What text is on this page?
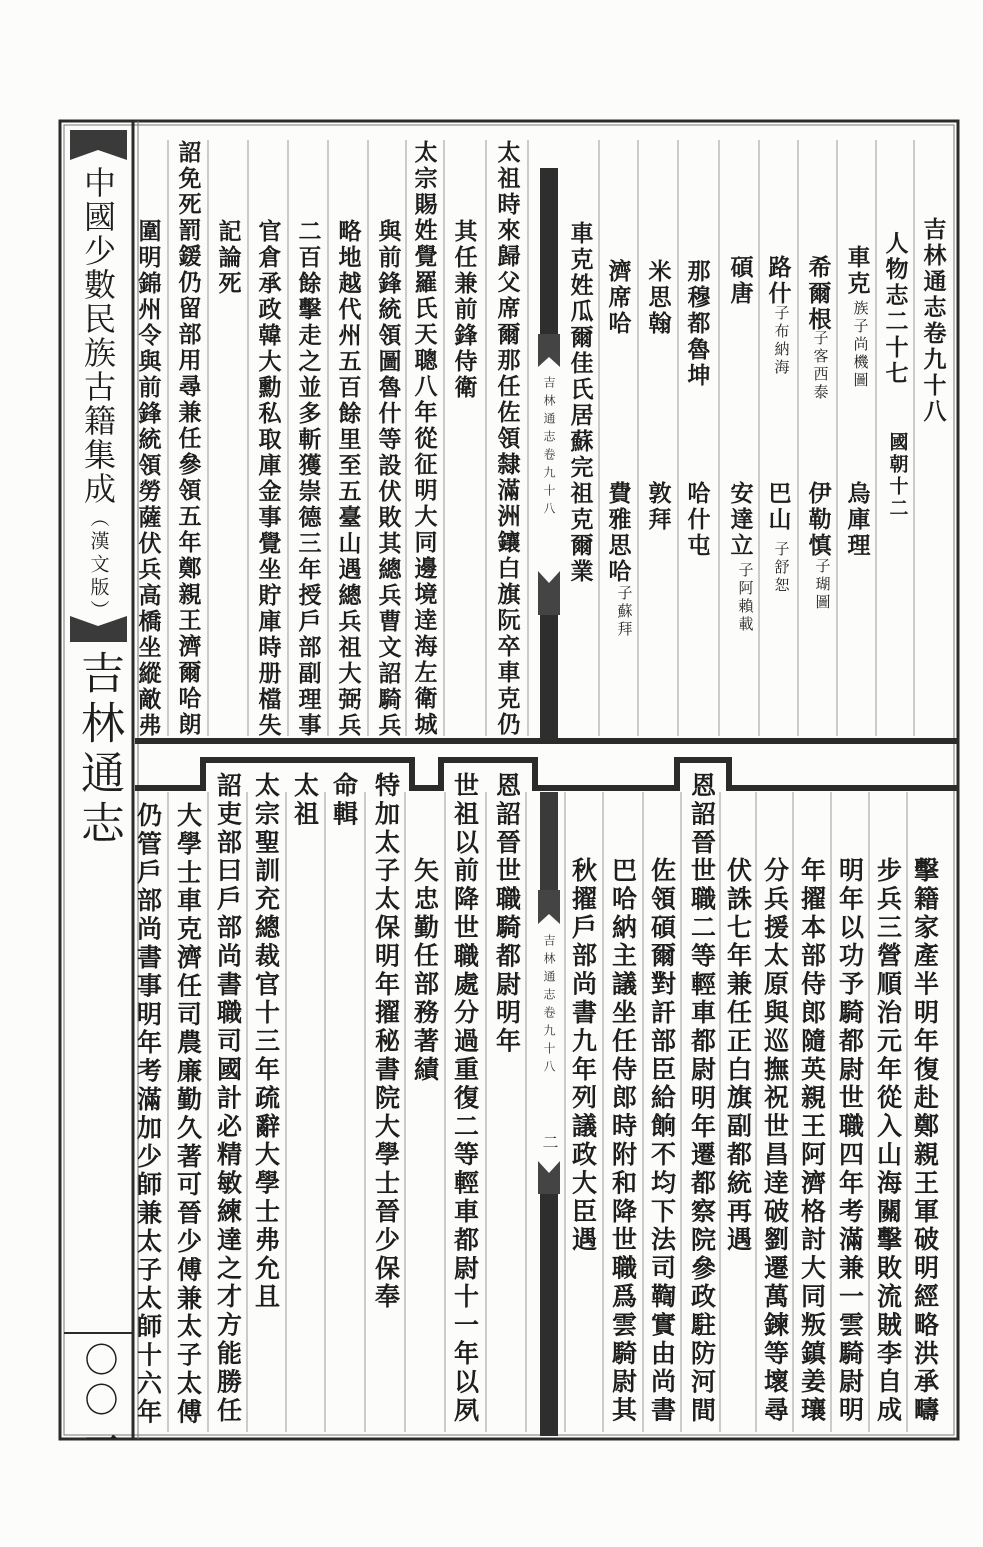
中國少數民族古籍集成
（漢文版）
吉林通志
〇〇一
吉林通志卷九十八
吉林通志卷九十八
二
吉林通志卷九十八
人物志二十七
國朝十二
車克
族子尚機圖
烏庫理
希爾根
子客西泰
伊勒慎
子瑚圖
路什
子布納海
巴山
子舒恕
碩唐
安達立
子阿賴載
那穆都魯坤
哈什屯
米思翰
敦拜
濟席哈
費雅思哈
子蘇拜
車克姓瓜爾佳氏居蘇完祖克爾業
太祖時來歸父席爾那任佐領隸滿洲鑲白旗阮卒車克仍
其任兼前鋒侍衛
太宗賜姓覺羅氏天聰八年從征明大同邊境逹海左衛城
與前鋒統領圖魯什等設伏敗其總兵曹文詔騎兵
略地越代州五百餘里至五臺山遇總兵祖大弼兵
二百餘擊走之並多斬獲崇德三年授戶部副理事
官倉承政韓大勳私取庫金事覺坐貯庫時册檔失
記論死
詔免死罰鍰仍留部用尋兼任參領五年鄭親王濟爾哈朗
圍明錦州令與前鋒統領勞薩伏兵高橋坐縱敵弗
擊籍家產半明年復赴鄭親王軍破明經略洪承疇
步兵三營順治元年從入山海關擊敗流賊李自成
明年以功予騎都尉世職四年考滿兼一雲騎尉明
年擢本部侍郎隨英親王阿濟格討大同叛鎮姜瓖
分兵援太原與巡撫祝世昌逹破劉遷萬鍊等壞尋
伏誅七年兼任正白旗副都統再遇
恩詔晉世職二等輕車都尉明年遷都察院參政駐防河間
佐領碩爾對訐部臣給餉不均下法司鞫實由尚書
巴哈納主議坐任侍郎時附和降世職爲雲騎尉其
秋擢戶部尚書九年列議政大臣遇
恩詔晉世職騎都尉明年
世祖以前降世職處分過重復二等輕車都尉十一年以夙
矢忠勤任部務著績
特加太子太保明年擢秘書院大學士晉少保奉
命輯
太祖
太宗聖訓充總裁官十三年疏辭大學士弗允且
詔吏部曰戶部尚書職司國計必精敏練達之才方能勝任
大學士車克濟任司農廉勤久著可晉少傅兼太子太傅
仍管戶部尚書事明年考滿加少師兼太子太師十六年
